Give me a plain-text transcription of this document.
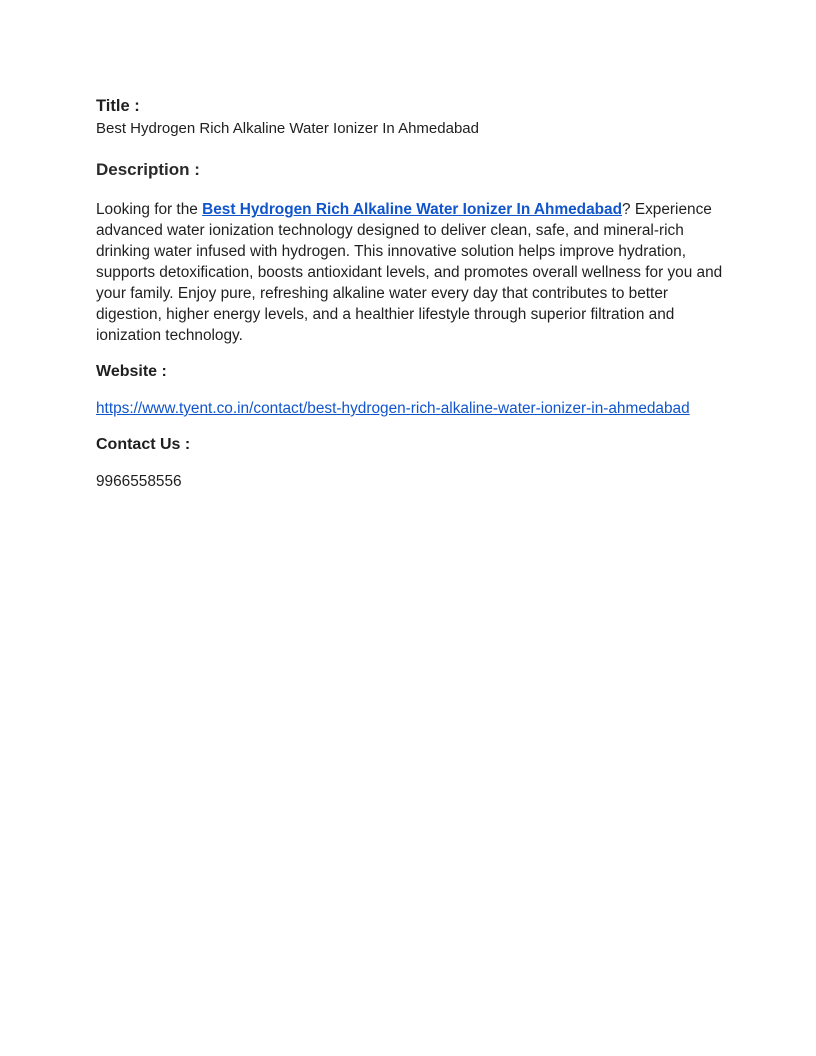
Title :
Best Hydrogen Rich Alkaline Water Ionizer In Ahmedabad
Description :
Looking for the Best Hydrogen Rich Alkaline Water Ionizer In Ahmedabad? Experience advanced water ionization technology designed to deliver clean, safe, and mineral-rich drinking water infused with hydrogen. This innovative solution helps improve hydration, supports detoxification, boosts antioxidant levels, and promotes overall wellness for you and your family. Enjoy pure, refreshing alkaline water every day that contributes to better digestion, higher energy levels, and a healthier lifestyle through superior filtration and ionization technology.
Website :
https://www.tyent.co.in/contact/best-hydrogen-rich-alkaline-water-ionizer-in-ahmedabad
Contact Us :
9966558556
